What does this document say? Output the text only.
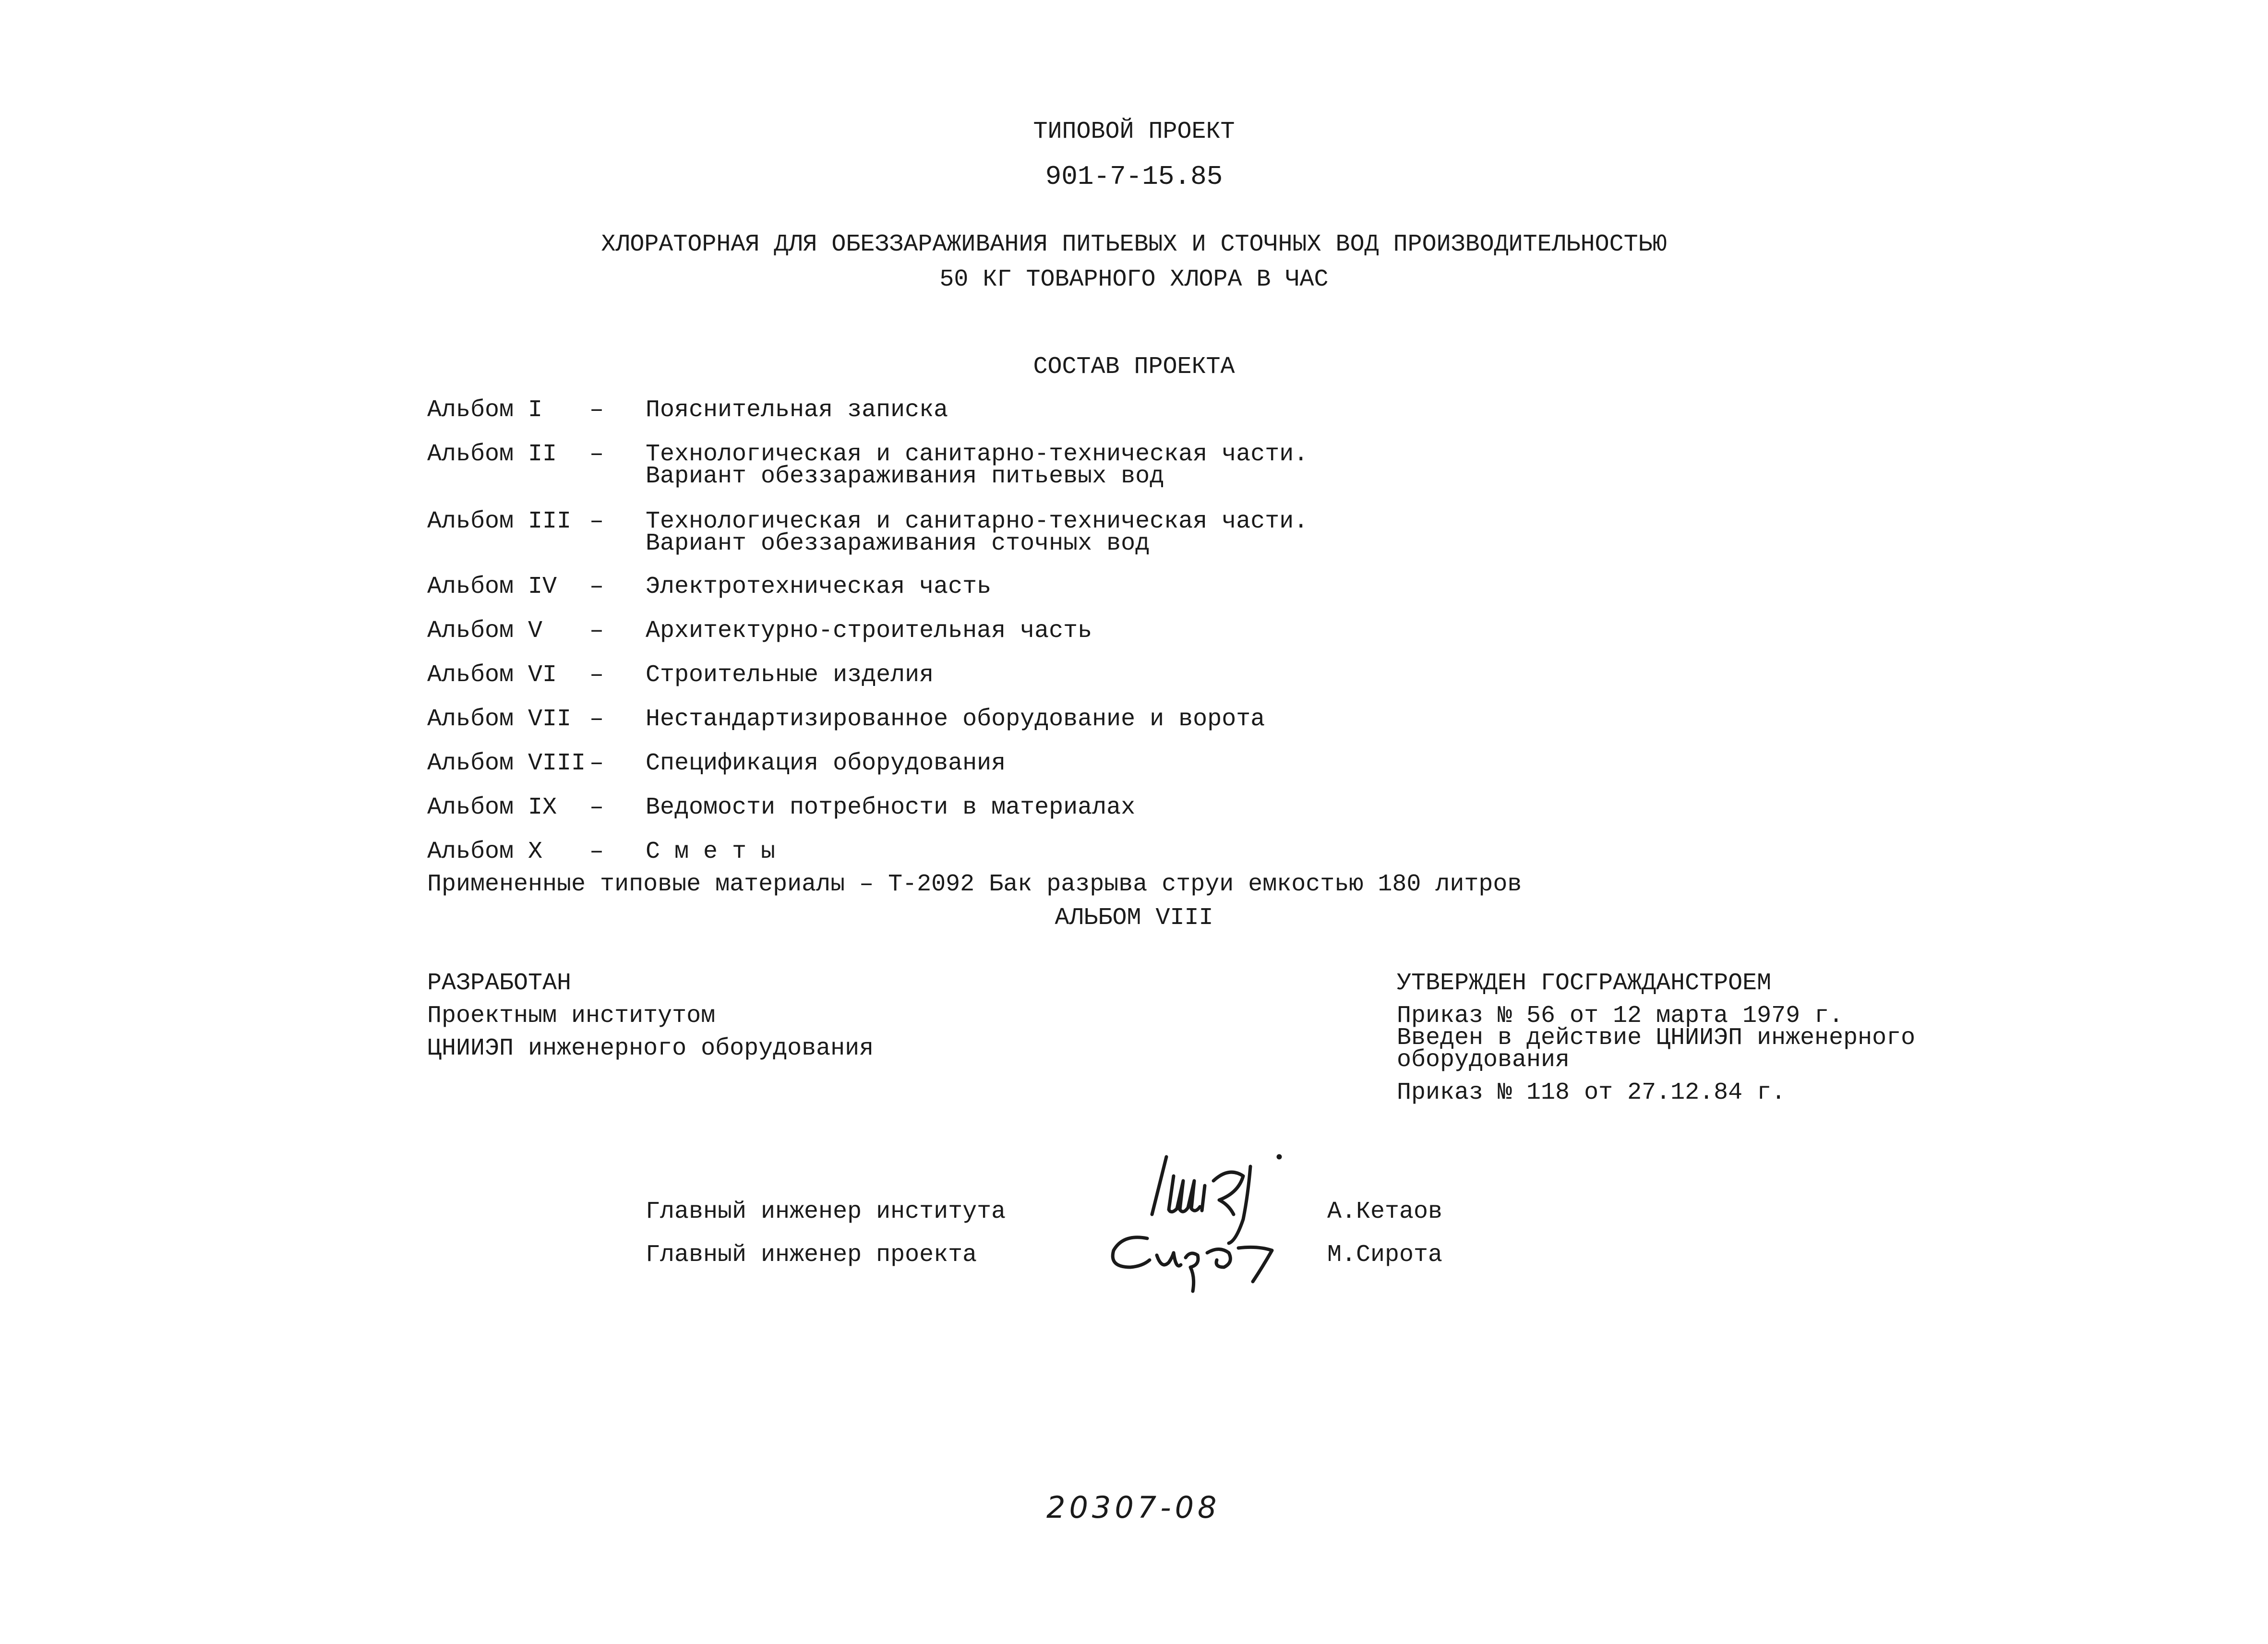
ТИПОВОЙ ПРОЕКТ
901-7-15.85
ХЛОРАТОРНАЯ ДЛЯ ОБЕЗЗАРАЖИВАНИЯ ПИТЬЕВЫХ И СТОЧНЫХ ВОД ПРОИЗВОДИТЕЛЬНОСТЬЮ
50 КГ ТОВАРНОГО ХЛОРА В ЧАС
СОСТАВ ПРОЕКТА
Альбом I – Пояснительная записка
Альбом II – Технологическая и санитарно-техническая части.
Вариант обеззараживания питьевых вод
Альбом III – Технологическая и санитарно-техническая части.
Вариант обеззараживания сточных вод
Альбом IV – Электротехническая часть
Альбом V – Архитектурно-строительная часть
Альбом VI – Строительные изделия
Альбом VII – Нестандартизированное оборудование и ворота
Альбом VIII – Спецификация оборудования
Альбом IX – Ведомости потребности в материалах
Альбом X – С м е т ы
Примененные типовые материалы – Т-2092 Бак разрыва струи емкостью 180 литров
АЛЬБОМ VIII
РАЗРАБОТАН
Проектным институтом
ЦНИИЭП инженерного оборудования
УТВЕРЖДЕН ГОСГРАЖДАНСТРОЕМ
Приказ № 56 от 12 марта 1979 г.
Введен в действие ЦНИИЭП инженерного
оборудования
Приказ № 118 от 27.12.84 г.
Главный инженер института	А.Кетаов
Главный инженер проекта	М.Сирота
20307-08
